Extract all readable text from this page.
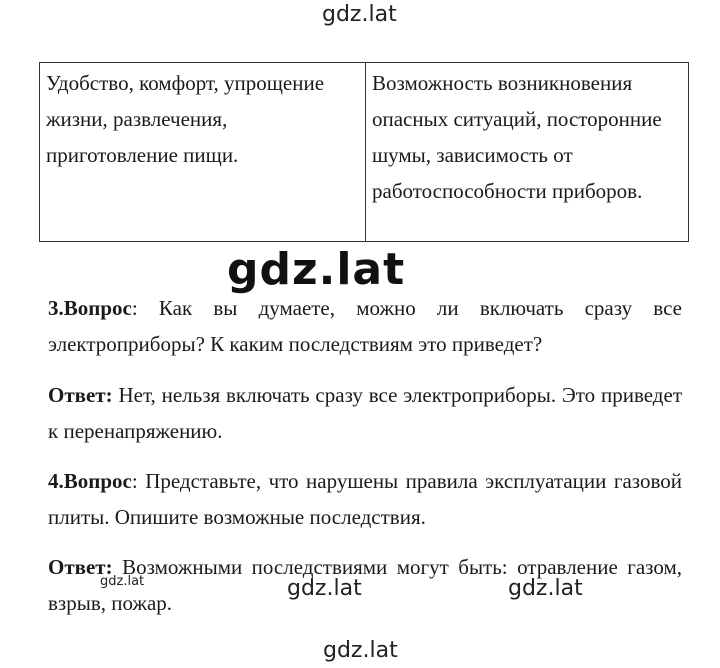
gdz.lat
Удобство, комфорт, упрощение жизни, развлечения, приготовление пищи.	Возможность возникновения опасных ситуаций, посторонние шумы, зависимость от работоспособности приборов.

3.Вопрос: Как вы думаете, можно ли включать сразу все электроприборы? К каким последствиям это приведет?

Ответ: Нет, нельзя включать сразу все электроприборы. Это приведет к перенапряжению.

4.Вопрос: Представьте, что нарушены правила эксплуатации газовой плиты. Опишите возможные последствия.

Ответ: Возможными последствиями могут быть: отравление газом, взрыв, пожар.

gdz.lat
gdz.lat	gdz.lat	gdz.lat
gdz.lat
